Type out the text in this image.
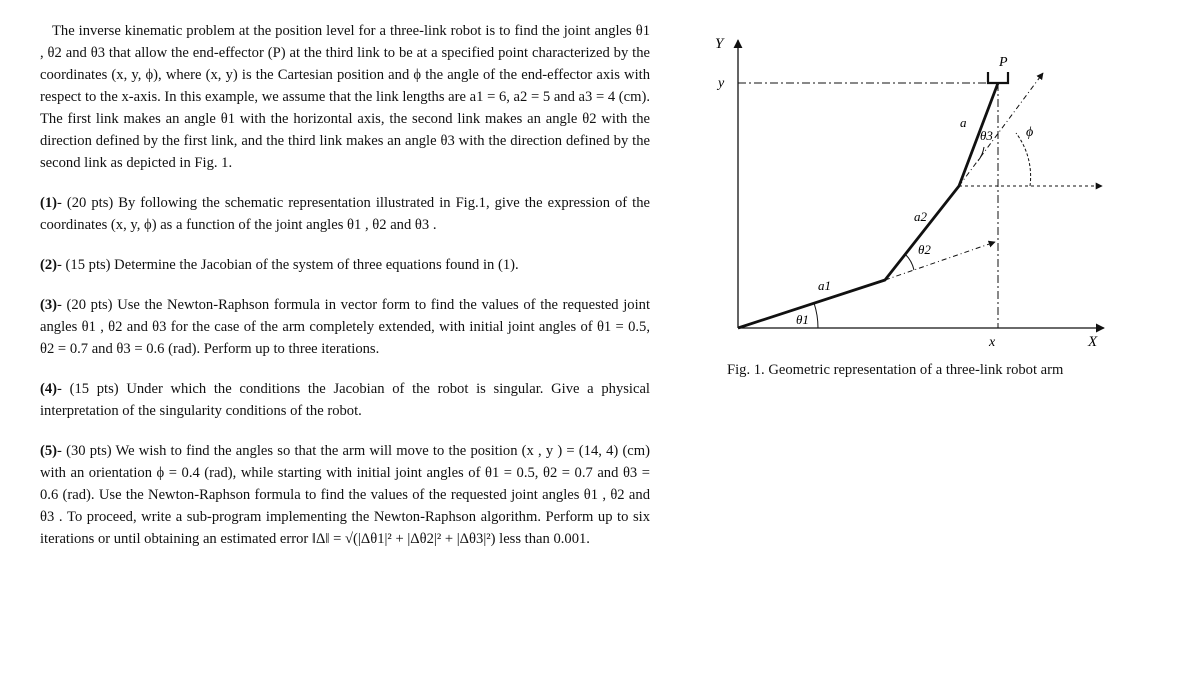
The inverse kinematic problem at the position level for a three-link robot is to find the joint angles θ1 , θ2 and θ3 that allow the end-effector (P) at the third link to be at a specified point characterized by the coordinates (x, y, ϕ), where (x, y) is the Cartesian position and ϕ the angle of the end-effector axis with respect to the x-axis. In this example, we assume that the link lengths are a1 = 6, a2 = 5 and a3 = 4 (cm). The first link makes an angle θ1 with the horizontal axis, the second link makes an angle θ2 with the direction defined by the first link, and the third link makes an angle θ3 with the direction defined by the second link as depicted in Fig. 1.

(1)- (20 pts) By following the schematic representation illustrated in Fig.1, give the expression of the coordinates (x, y, ϕ) as a function of the joint angles θ1 , θ2 and θ3 .

(2)- (15 pts) Determine the Jacobian of the system of three equations found in (1).

(3)- (20 pts) Use the Newton-Raphson formula in vector form to find the values of the requested joint angles θ1 , θ2 and θ3 for the case of the arm completely extended, with initial joint angles of θ1 = 0.5, θ2 = 0.7 and θ3 = 0.6 (rad). Perform up to three iterations.

(4)- (15 pts) Under which the conditions the Jacobian of the robot is singular. Give a physical interpretation of the singularity conditions of the robot.

(5)- (30 pts) We wish to find the angles so that the arm will move to the position (x , y ) = (14, 4) (cm) with an orientation ϕ = 0.4 (rad), while starting with initial joint angles of θ1 = 0.5, θ2 = 0.7 and θ3 = 0.6 (rad). Use the Newton-Raphson formula to find the values of the requested joint angles θ1 , θ2 and θ3 . To proceed, write a sub-program implementing the Newton-Raphson algorithm. Perform up to six iterations or until obtaining an estimated error ‖Δ‖ = √(|Δθ1|² + |Δθ2|² + |Δθ3|²) less than 0.001.

Y
y
P
a
θ3 ϕ
a2
θ2
a1
θ1
x	X
Fig. 1. Geometric representation of a three-link robot arm
